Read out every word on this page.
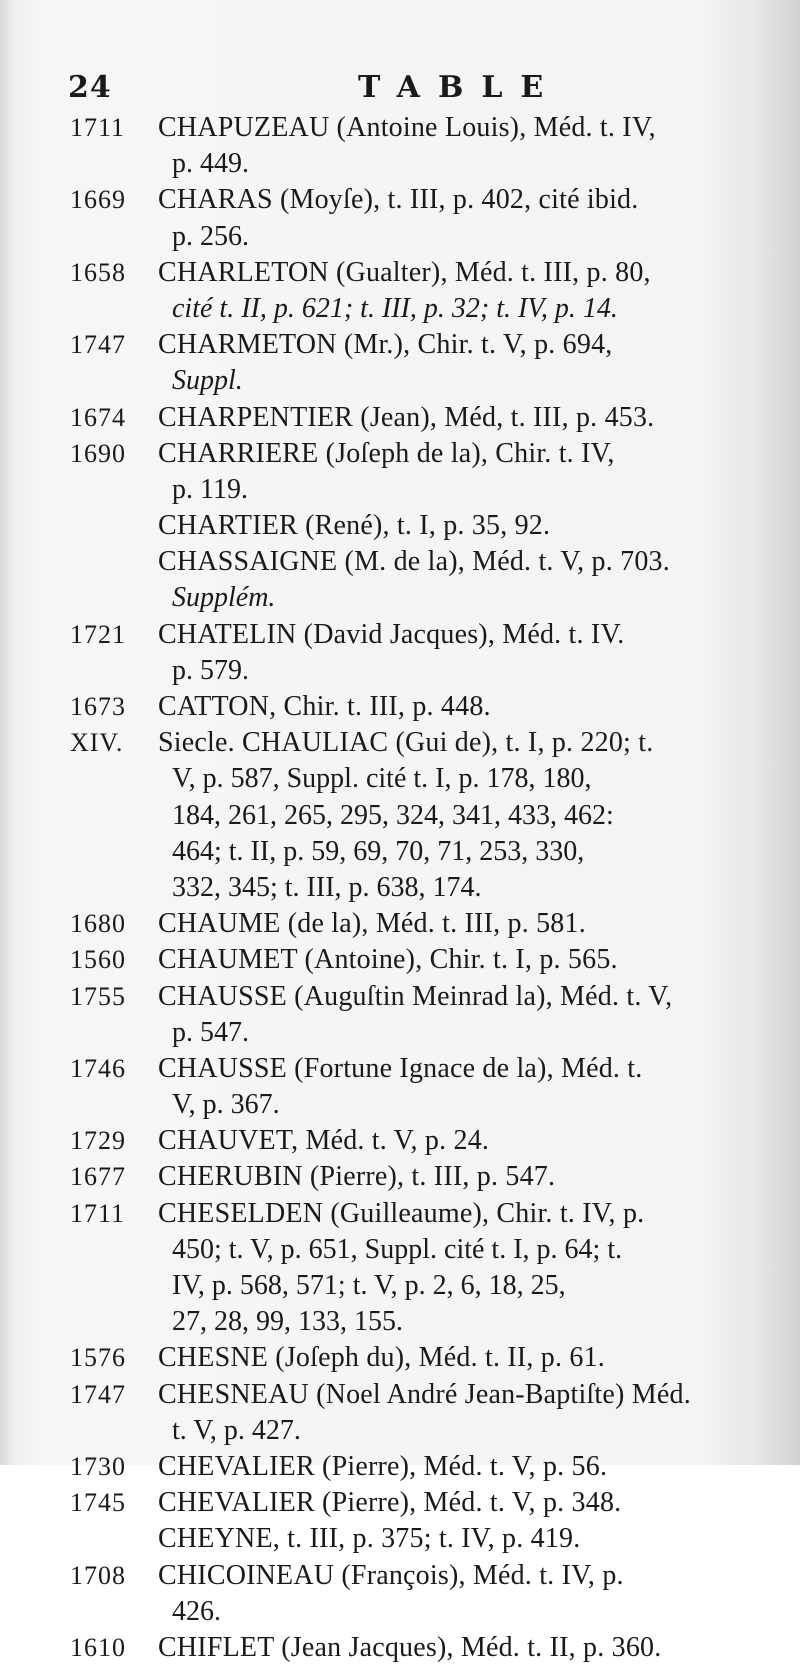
24	TABLE
1711 CHAPUZEAU (Antoine Louis), Méd. t. IV,
p. 449.
1669 CHARAS (Moyſe), t. III, p. 402, cité ibid.
p. 256.
1658 CHARLETON (Gualter), Méd. t. III, p. 80,
cité t. II, p. 621; t. III, p. 32; t. IV, p. 14.
1747 CHARMETON (Mr.), Chir. t. V, p. 694,
Suppl.
1674 CHARPENTIER (Jean), Méd, t. III, p. 453.
1690 CHARRIERE (Joſeph de la), Chir. t. IV,
p. 119.
CHARTIER (René), t. I, p. 35, 92.
CHASSAIGNE (M. de la), Méd. t. V, p. 703.
Supplém.
1721 CHATELIN (David Jacques), Méd. t. IV.
p. 579.
1673 CATTON, Chir. t. III, p. 448.
XIV. Siecle. CHAULIAC (Gui de), t. I, p. 220; t.
V, p. 587, Suppl. cité t. I, p. 178, 180,
184, 261, 265, 295, 324, 341, 433, 462:
464; t. II, p. 59, 69, 70, 71, 253, 330,
332, 345; t. III, p. 638, 174.
1680 CHAUME (de la), Méd. t. III, p. 581.
1560 CHAUMET (Antoine), Chir. t. I, p. 565.
1755 CHAUSSE (Auguſtin Meinrad la), Méd. t. V,
p. 547.
1746 CHAUSSE (Fortune Ignace de la), Méd. t.
V, p. 367.
1729 CHAUVET, Méd. t. V, p. 24.
1677 CHERUBIN (Pierre), t. III, p. 547.
1711 CHESELDEN (Guilleaume), Chir. t. IV, p.
450; t. V, p. 651, Suppl. cité t. I, p. 64; t.
IV, p. 568, 571; t. V, p. 2, 6, 18, 25,
27, 28, 99, 133, 155.
1576 CHESNE (Joſeph du), Méd. t. II, p. 61.
1747 CHESNEAU (Noel André Jean-Baptiſte) Méd.
t. V, p. 427.
1730 CHEVALIER (Pierre), Méd. t. V, p. 56.
1745 CHEVALIER (Pierre), Méd. t. V, p. 348.
CHEYNE, t. III, p. 375; t. IV, p. 419.
1708 CHICOINEAU (François), Méd. t. IV, p.
426.
1610 CHIFLET (Jean Jacques), Méd. t. II, p. 360.
